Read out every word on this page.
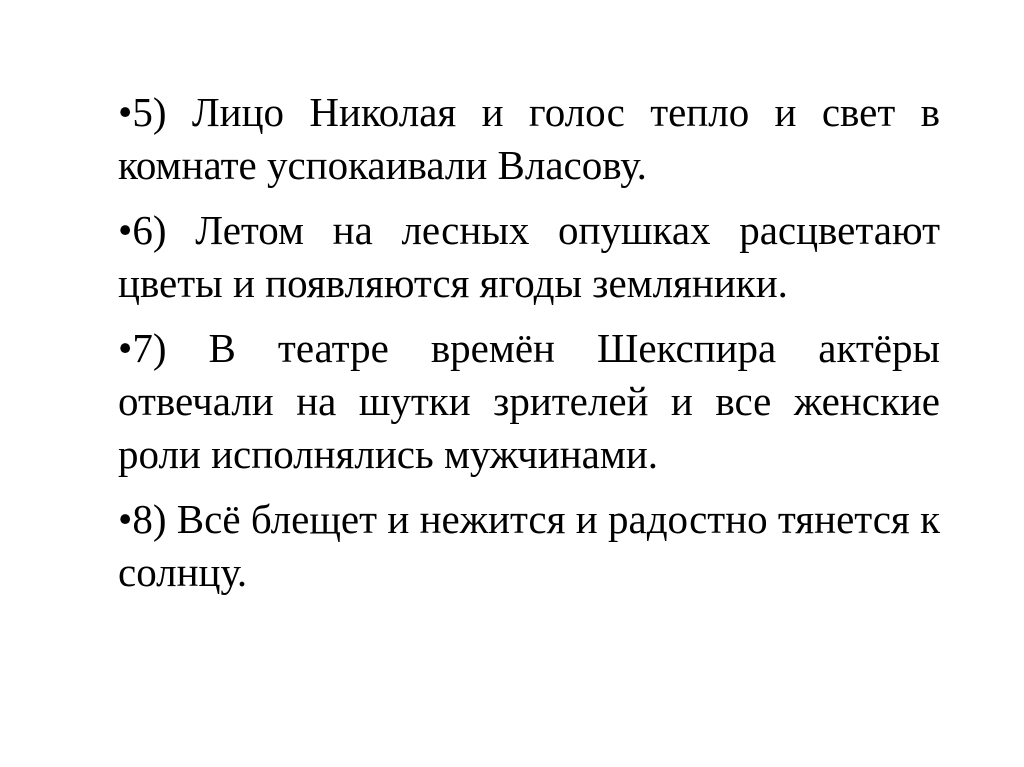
•5) Лицо Николая и голос тепло и свет в комнате успокаивали Власову.

•6) Летом на лесных опушках расцветают цветы и появляются ягоды земляники.

•7) В театре времён Шекспира актёры отвечали на шутки зрителей и все женские роли исполнялись мужчинами.

•8) Всё блещет и нежится и радостно тянется к солнцу.
